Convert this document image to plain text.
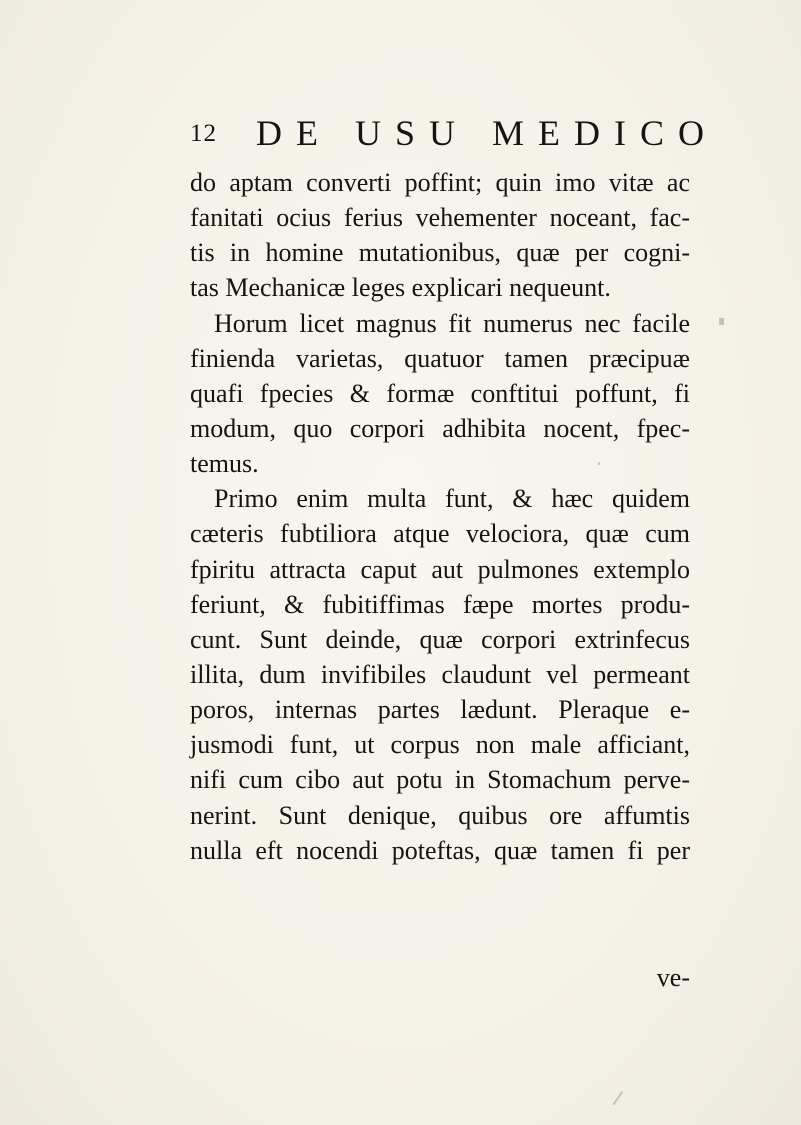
12 DE USU MEDICO
do aptam converti poffint; quin imo vitæ ac
fanitati ocius ferius vehementer noceant, fac-
tis in homine mutationibus, quæ per cogni-
tas Mechanicæ leges explicari nequeunt.
Horum licet magnus fit numerus nec facile
finienda varietas, quatuor tamen præcipuæ
quafi fpecies & formæ conftitui poffunt, fi
modum, quo corpori adhibita nocent, fpec-
temus.
Primo enim multa funt, & hæc quidem
cæteris fubtiliora atque velociora, quæ cum
fpiritu attracta caput aut pulmones extemplo
feriunt, & fubitiffimas fæpe mortes produ-
cunt. Sunt deinde, quæ corpori extrinfecus
illita, dum invifibiles claudunt vel permeant
poros, internas partes lædunt. Pleraque e-
jusmodi funt, ut corpus non male afficiant,
nifi cum cibo aut potu in Stomachum perve-
nerint. Sunt denique, quibus ore affumtis
nulla eft nocendi poteftas, quæ tamen fi per
ve-
